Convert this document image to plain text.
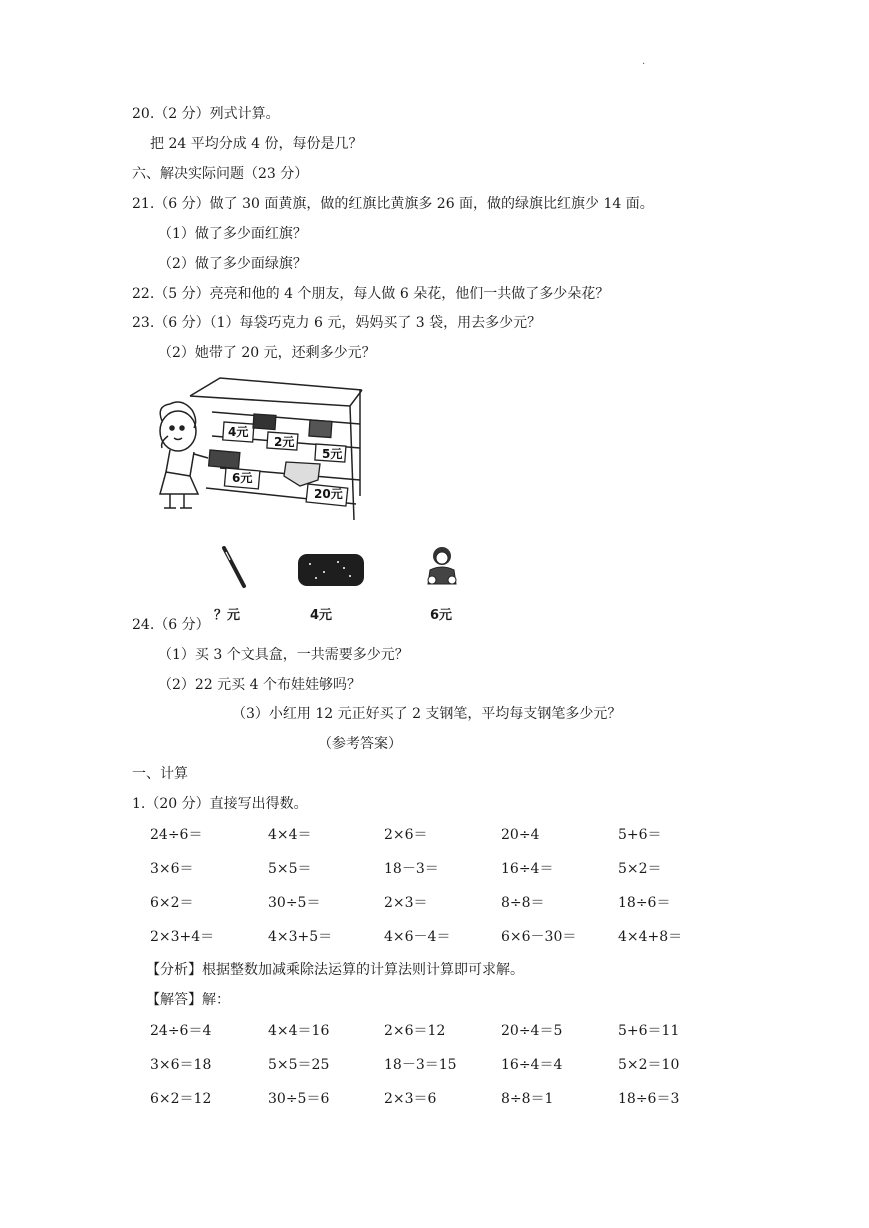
.
20.（2 分）列式计算。
把 24 平均分成 4 份，每份是几？
六、解决实际问题（23 分）
21.（6 分）做了 30 面黄旗，做的红旗比黄旗多 26 面，做的绿旗比红旗少 14 面。
（1）做了多少面红旗？
（2）做了多少面绿旗？
22.（5 分）亮亮和他的 4 个朋友，每人做 6 朵花，他们一共做了多少朵花？
23.（6 分）（1）每袋巧克力 6 元，妈妈买了 3 袋，用去多少元？
（2）她带了 20 元，还剩多少元？
4元
2元
5元
6元
20元
？元	4元	6元
24.（6 分）
（1）买 3 个文具盒，一共需要多少元？
（2）22 元买 4 个布娃娃够吗？
（3）小红用 12 元正好买了 2 支钢笔，平均每支钢笔多少元？
（参考答案）
一、计算
1.（20 分）直接写出得数。
24÷6＝	4×4＝	2×6＝	20÷4	5+6＝
3×6＝	5×5＝	18－3＝	16÷4＝	5×2＝
6×2＝	30÷5＝	2×3＝	8÷8＝	18÷6＝
2×3+4＝	4×3+5＝	4×6－4＝	6×6－30＝	4×4+8＝
【分析】根据整数加减乘除法运算的计算法则计算即可求解。
【解答】解：
24÷6＝4	4×4＝16	2×6＝12	20÷4＝5	5+6＝11
3×6＝18	5×5＝25	18－3＝15	16÷4＝4	5×2＝10
6×2＝12	30÷5＝6	2×3＝6	8÷8＝1	18÷6＝3
